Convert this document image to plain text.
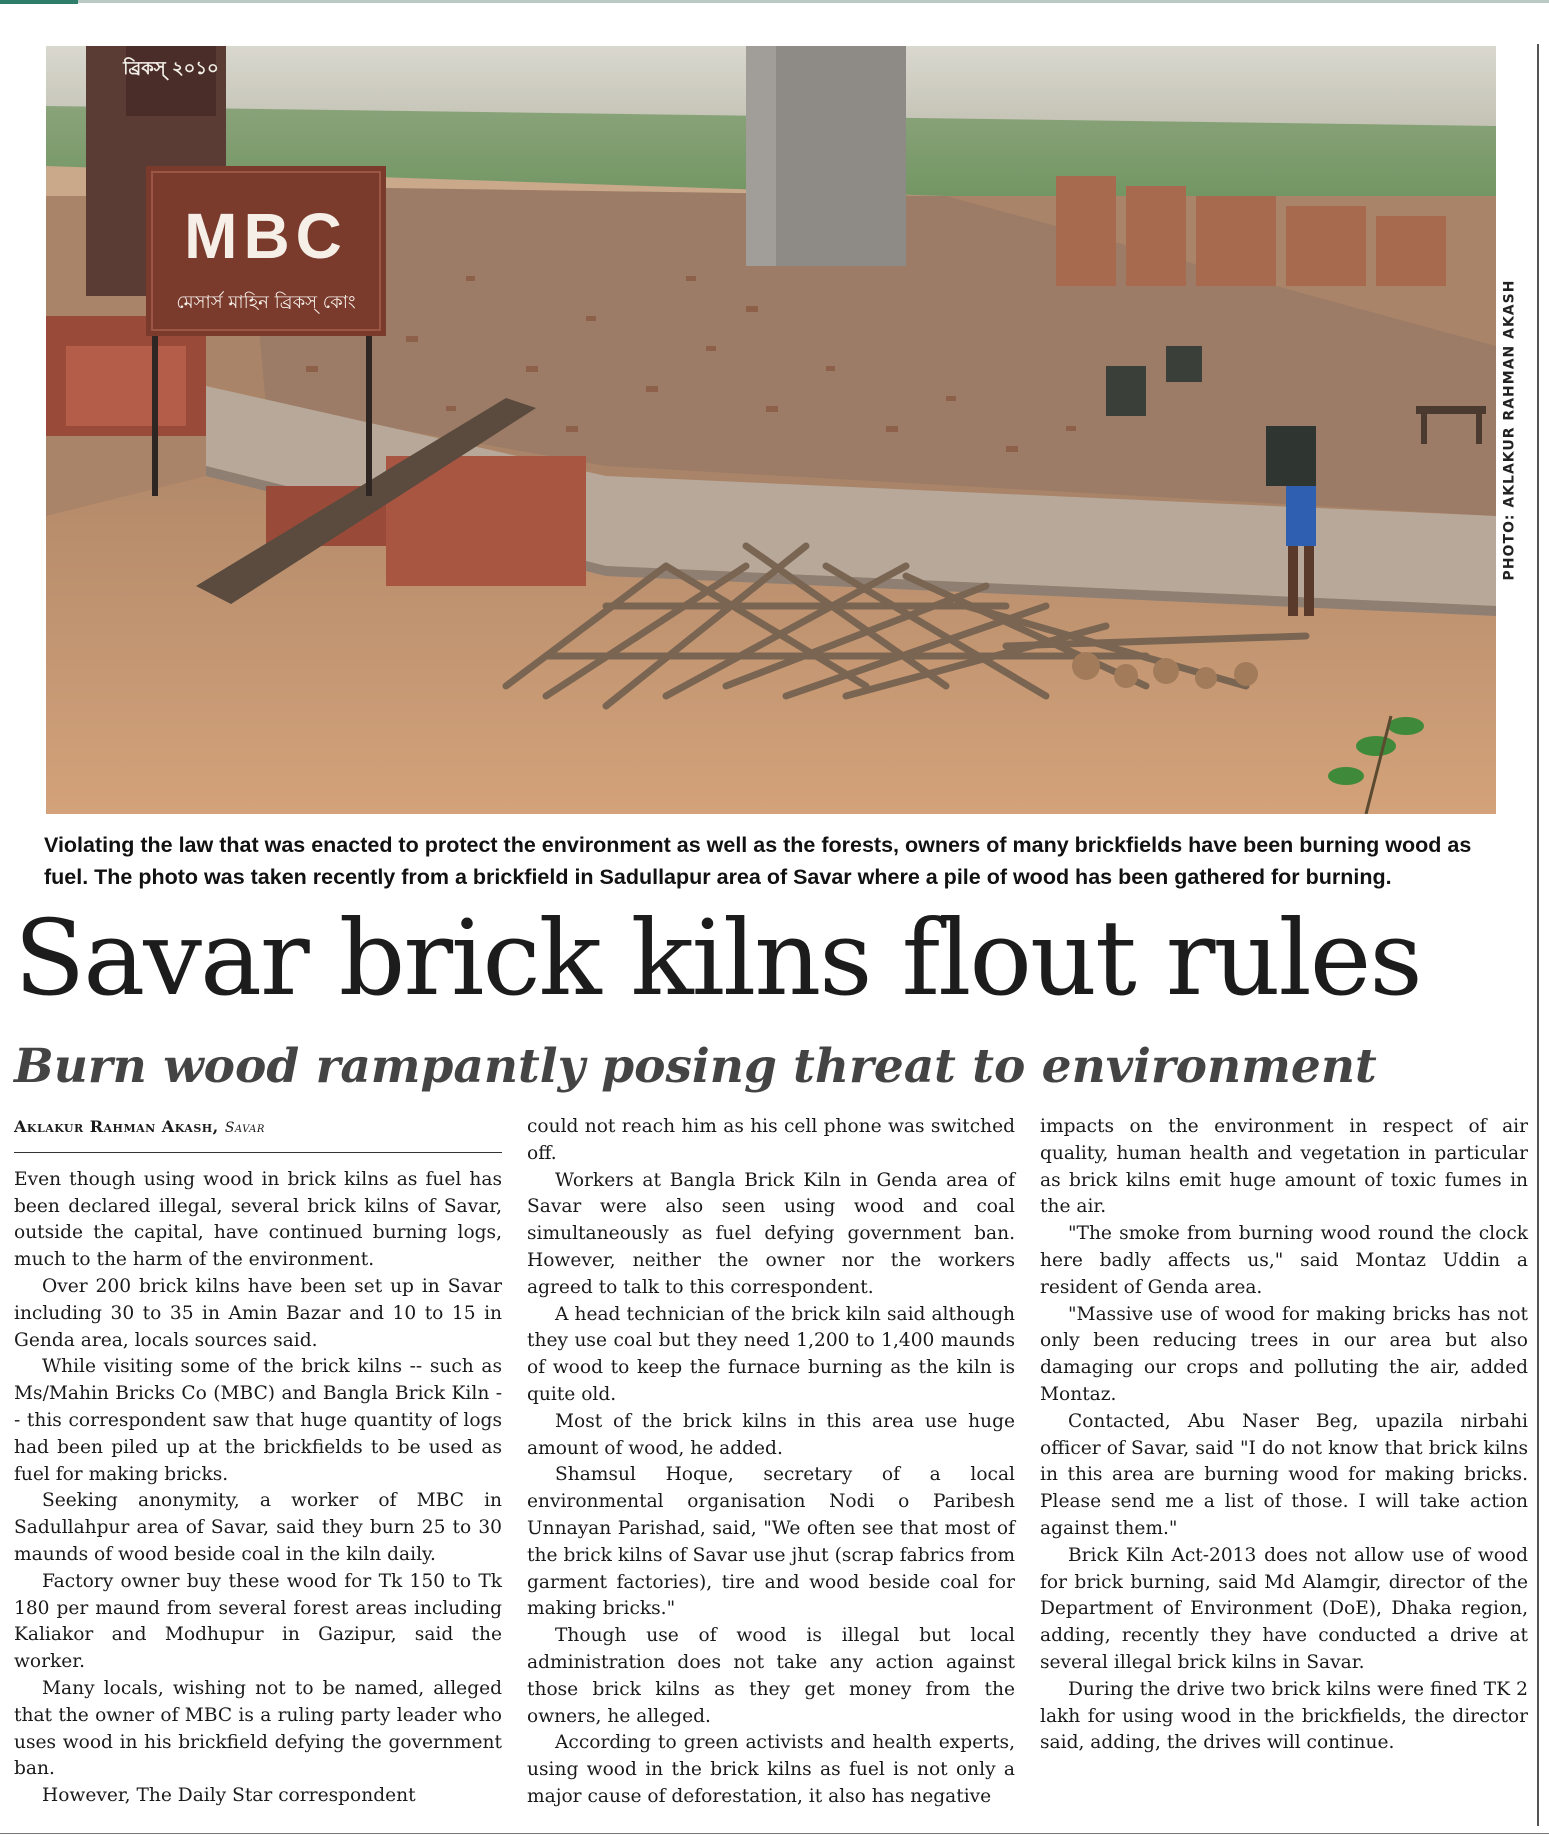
ব্রিকস্ ২০১০
MBC
মেসার্স মাহিন ব্রিকস্ কোং	PHOTO: AKLAKUR RAHMAN AKASH
Violating the law that was enacted to protect the environment as well as the forests, owners of many brickfields have been burning wood as fuel. The photo was taken recently from a brickfield in Sadullapur area of Savar where a pile of wood has been gathered for burning.
Savar brick kilns flout rules
Burn wood rampantly posing threat to environment
Aklakur Rahman Akash, Savar

Even though using wood in brick kilns as fuel has been declared illegal, several brick kilns of Savar, outside the capital, have continued burning logs, much to the harm of the environment.

Over 200 brick kilns have been set up in Savar including 30 to 35 in Amin Bazar and 10 to 15 in Genda area, locals sources said.

While visiting some of the brick kilns -- such as Ms/Mahin Bricks Co (MBC) and Bangla Brick Kiln -- this correspondent saw that huge quantity of logs had been piled up at the brickfields to be used as fuel for making bricks.

Seeking anonymity, a worker of MBC in Sadullahpur area of Savar, said they burn 25 to 30 maunds of wood beside coal in the kiln daily.

Factory owner buy these wood for Tk 150 to Tk 180 per maund from several forest areas including Kaliakor and Modhupur in Gazipur, said the worker.

Many locals, wishing not to be named, alleged that the owner of MBC is a ruling party leader who uses wood in his brickfield defying the government ban.

However, The Daily Star correspondent

could not reach him as his cell phone was switched off.

Workers at Bangla Brick Kiln in Genda area of Savar were also seen using wood and coal simultaneously as fuel defying government ban. However, neither the owner nor the workers agreed to talk to this correspondent.

A head technician of the brick kiln said although they use coal but they need 1,200 to 1,400 maunds of wood to keep the furnace burning as the kiln is quite old.

Most of the brick kilns in this area use huge amount of wood, he added.

Shamsul Hoque, secretary of a local environmental organisation Nodi o Paribesh Unnayan Parishad, said, "We often see that most of the brick kilns of Savar use jhut (scrap fabrics from garment factories), tire and wood beside coal for making bricks."

Though use of wood is illegal but local administration does not take any action against those brick kilns as they get money from the owners, he alleged.

According to green activists and health experts, using wood in the brick kilns as fuel is not only a major cause of deforestation, it also has negative

impacts on the environment in respect of air quality, human health and vegetation in particular as brick kilns emit huge amount of toxic fumes in the air.

"The smoke from burning wood round the clock here badly affects us," said Montaz Uddin a resident of Genda area.

"Massive use of wood for making bricks has not only been reducing trees in our area but also damaging our crops and polluting the air, added Montaz.

Contacted, Abu Naser Beg, upazila nirbahi officer of Savar, said "I do not know that brick kilns in this area are burning wood for making bricks. Please send me a list of those. I will take action against them."

Brick Kiln Act-2013 does not allow use of wood for brick burning, said Md Alamgir, director of the Department of Environment (DoE), Dhaka region, adding, recently they have conducted a drive at several illegal brick kilns in Savar.

During the drive two brick kilns were fined TK 2 lakh for using wood in the brickfields, the director said, adding, the drives will continue.
